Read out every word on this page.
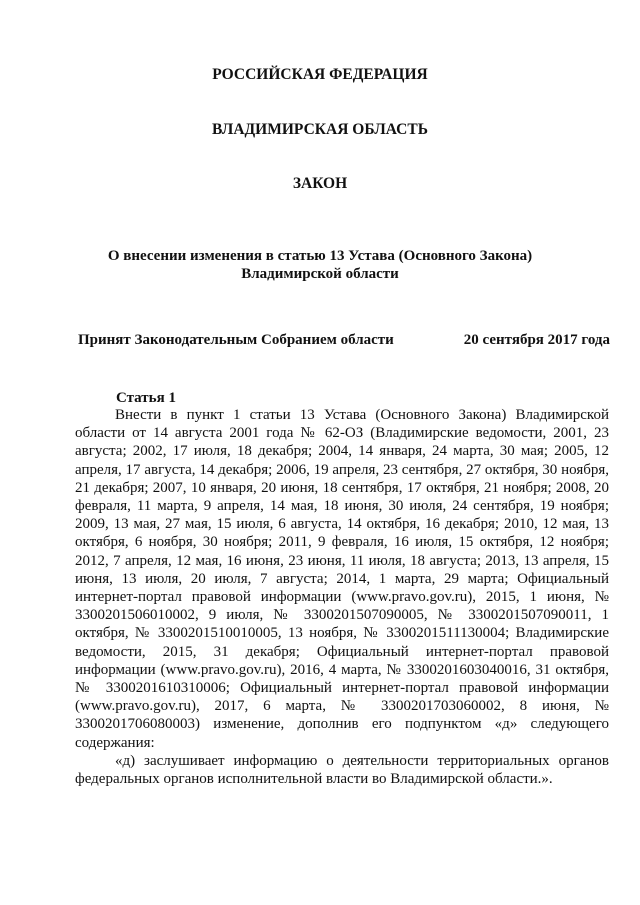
РОССИЙСКАЯ ФЕДЕРАЦИЯ
ВЛАДИМИРСКАЯ ОБЛАСТЬ
ЗАКОН
О внесении изменения в статью 13 Устава (Основного Закона)
Владимирской области
Принят Законодательным Собранием области	20 сентября 2017 года
Статья 1

Внести в пункт 1 статьи 13 Устава (Основного Закона) Владимирской области от 14 августа 2001 года № 62-ОЗ (Владимирские ведомости, 2001, 23 августа; 2002, 17 июля, 18 декабря; 2004, 14 января, 24 марта, 30 мая; 2005, 12 апреля, 17 августа, 14 декабря; 2006, 19 апреля, 23 сентября, 27 октября, 30 ноября, 21 декабря; 2007, 10 января, 20 июня, 18 сентября, 17 октября, 21 ноября; 2008, 20 февраля, 11 марта, 9 апреля, 14 мая, 18 июня, 30 июля, 24 сентября, 19 ноября; 2009, 13 мая, 27 мая, 15 июля, 6 августа, 14 октября, 16 декабря; 2010, 12 мая, 13 октября, 6 ноября, 30 ноября; 2011, 9 февраля, 16 июля, 15 октября, 12 ноября; 2012, 7 апреля, 12 мая, 16 июня, 23 июня, 11 июля, 18 августа; 2013, 13 апреля, 15 июня, 13 июля, 20 июля, 7 августа; 2014, 1 марта, 29 марта; Официальный интернет-портал правовой информации (www.pravo.gov.ru), 2015, 1 июня, № 3300201506010002, 9 июля, № 3300201507090005, № 3300201507090011, 1 октября, № 3300201510010005, 13 ноября, № 3300201511130004; Владимирские ведомости, 2015, 31 декабря; Официальный интернет-портал правовой информации (www.pravo.gov.ru), 2016, 4 марта, № 3300201603040016, 31 октября, № 3300201610310006; Официальный интернет-портал правовой информации (www.pravo.gov.ru), 2017, 6 марта, № 3300201703060002, 8 июня, № 3300201706080003) изменение, дополнив его подпунктом «д» следующего содержания:

«д) заслушивает информацию о деятельности территориальных органов федеральных органов исполнительной власти во Владимирской области.».
